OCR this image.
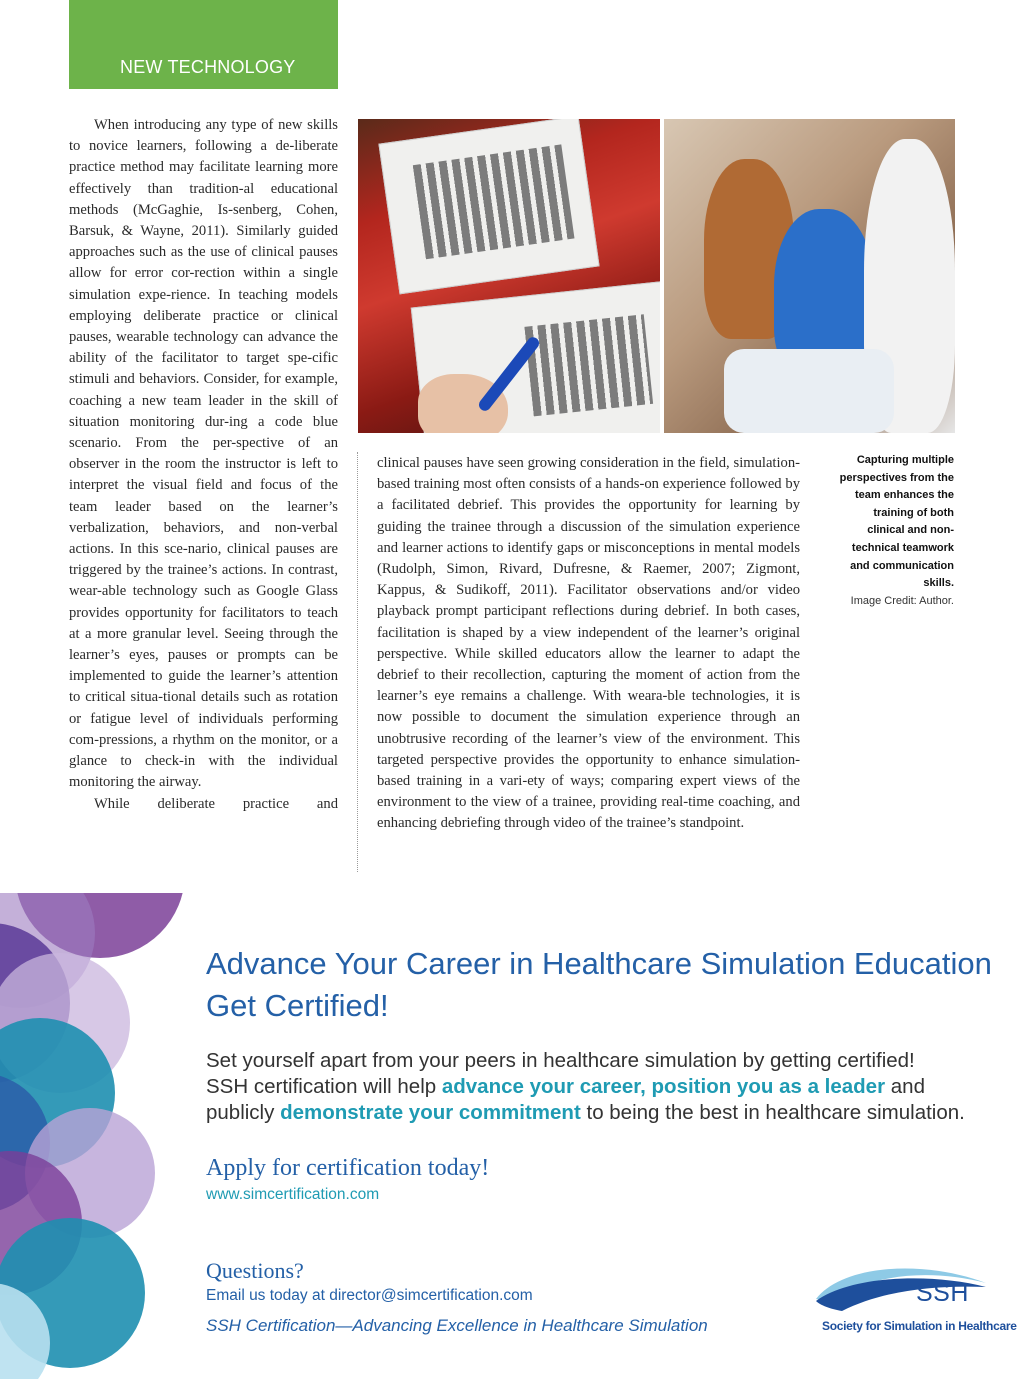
NEW TECHNOLOGY

When introducing any type of new skills to novice learners, following a de-liberate practice method may facilitate learning more effectively than tradition-al educational methods (McGaghie, Is-senberg, Cohen, Barsuk, & Wayne, 2011). Similarly guided approaches such as the use of clinical pauses allow for error cor-rection within a single simulation expe-rience. In teaching models employing deliberate practice or clinical pauses, wearable technology can advance the ability of the facilitator to target spe-cific stimuli and behaviors. Consider, for example, coaching a new team leader in the skill of situation monitoring dur-ing a code blue scenario. From the per-spective of an observer in the room the instructor is left to interpret the visual field and focus of the team leader based on the learner’s verbalization, behaviors, and non-verbal actions. In this sce-nario, clinical pauses are triggered by the trainee’s actions. In contrast, wear-able technology such as Google Glass provides opportunity for facilitators to teach at a more granular level. Seeing through the learner’s eyes, pauses or prompts can be implemented to guide the learner’s attention to critical situa-tional details such as rotation or fatigue level of individuals performing com-pressions, a rhythm on the monitor, or a glance to check-in with the individual monitoring the airway.

While deliberate practice and

clinical pauses have seen growing consideration in the field, simulation-based training most often consists of a hands-on experience followed by a facilitated debrief. This provides the opportunity for learning by guiding the trainee through a discussion of the simulation experience and learner actions to identify gaps or misconceptions in mental models (Rudolph, Simon, Rivard, Dufresne, & Raemer, 2007; Zigmont, Kappus, & Sudikoff, 2011). Facilitator observations and/or video playback prompt participant reflections during debrief. In both cases, facilitation is shaped by a view independent of the learner’s original perspective. While skilled educators allow the learner to adapt the debrief to their recollection, capturing the moment of action from the learner’s eye remains a challenge. With weara-ble technologies, it is now possible to document the simulation experience through an unobtrusive recording of the learner’s view of the environment. This targeted perspective provides the opportunity to enhance simulation-based training in a vari-ety of ways; comparing expert views of the environment to the view of a trainee, providing real-time coaching, and enhancing debriefing through video of the trainee’s standpoint.

Capturing multiple perspectives from the team enhances the training of both clinical and non-technical teamwork and communication skills.
Image Credit: Author.
Advance Your Career in Healthcare Simulation Education
Get Certified!
Set yourself apart from your peers in healthcare simulation by getting certified!
SSH certification will help advance your career, position you as a leader and
publicly demonstrate your commitment to being the best in healthcare simulation.
Apply for certification today!
www.simcertification.com
Questions?
Email us today at director@simcertification.com
SSH Certification—Advancing Excellence in Healthcare Simulation
SSH
Society for Simulation in Healthcare
